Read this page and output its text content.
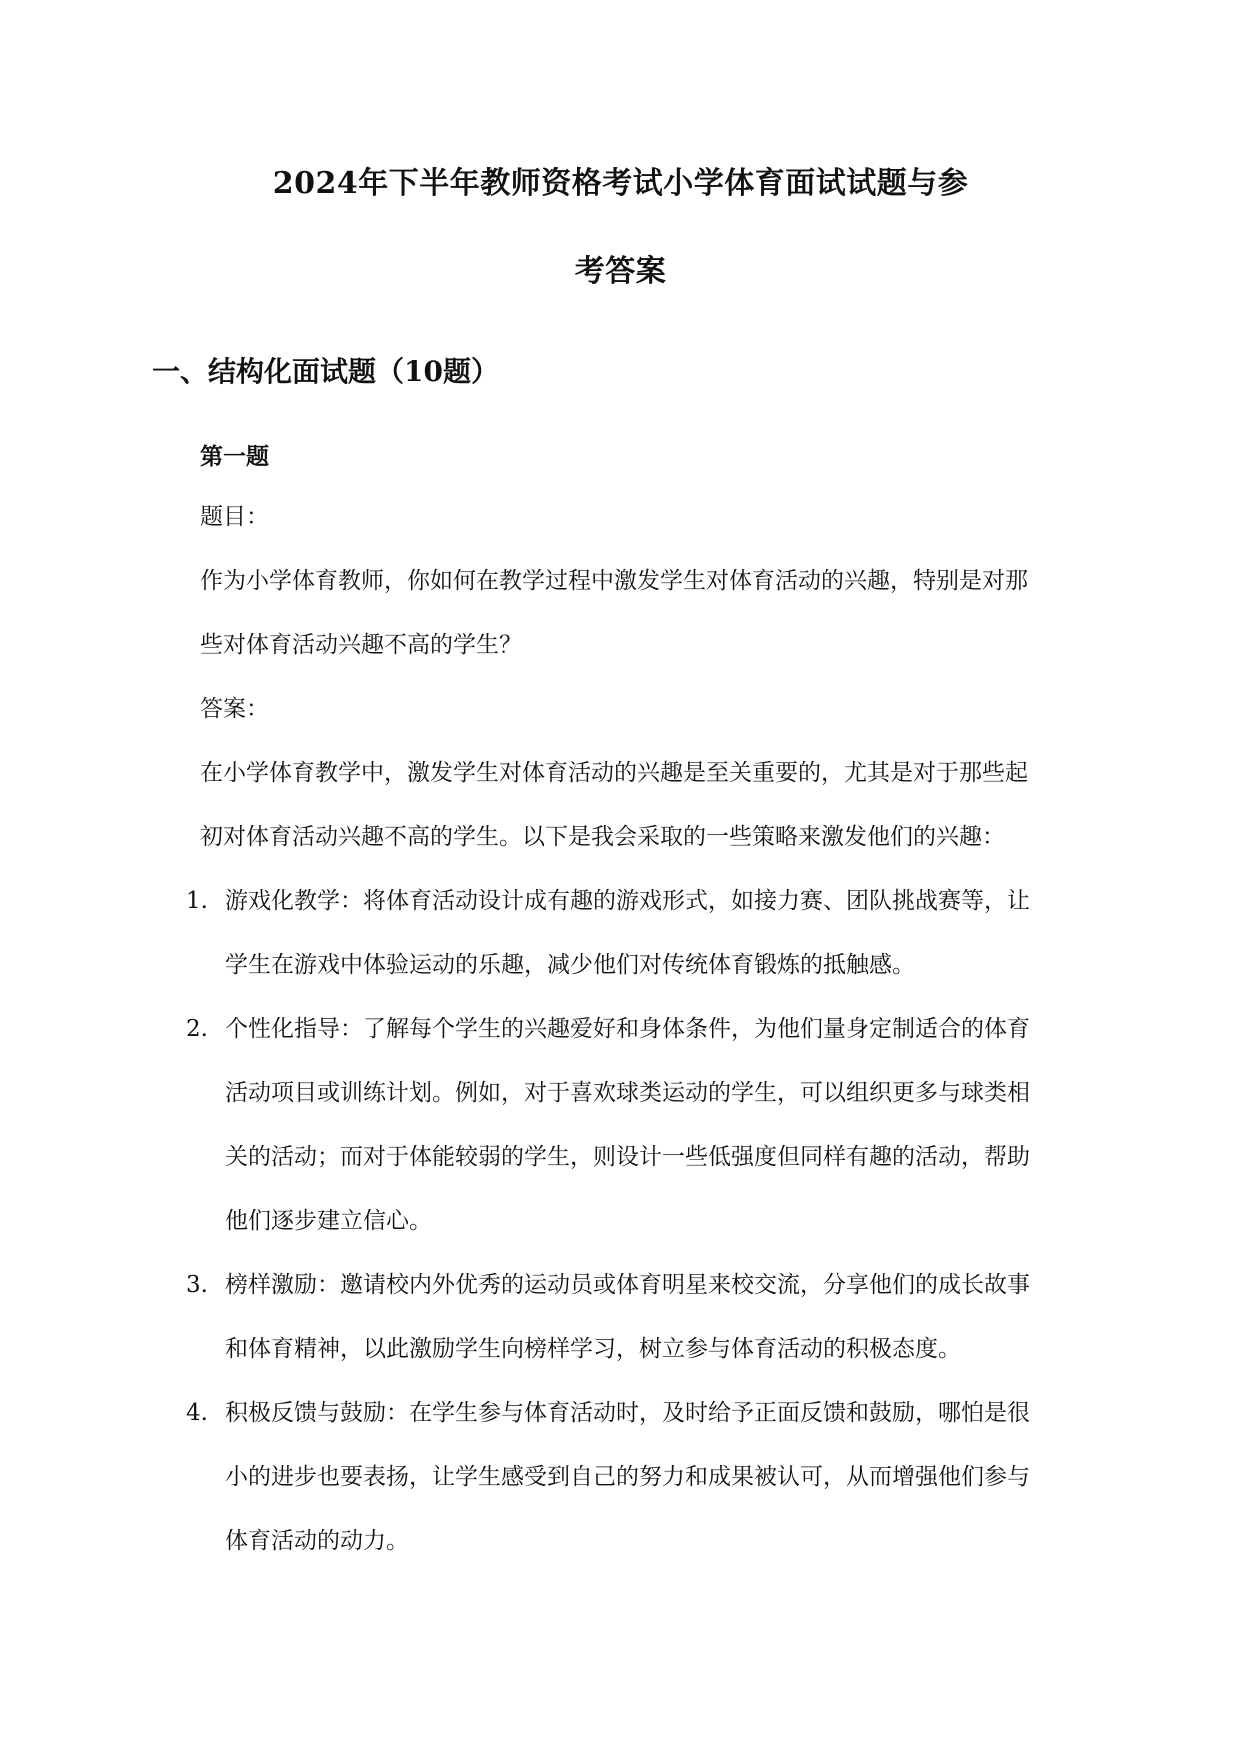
2024年下半年教师资格考试小学体育面试试题与参
考答案
一、结构化面试题（10题）
第一题
题目：
作为小学体育教师，你如何在教学过程中激发学生对体育活动的兴趣，特别是对那
些对体育活动兴趣不高的学生？
答案：
在小学体育教学中，激发学生对体育活动的兴趣是至关重要的，尤其是对于那些起
初对体育活动兴趣不高的学生。以下是我会采取的一些策略来激发他们的兴趣：
1. 游戏化教学：将体育活动设计成有趣的游戏形式，如接力赛、团队挑战赛等，让
学生在游戏中体验运动的乐趣，减少他们对传统体育锻炼的抵触感。
2. 个性化指导：了解每个学生的兴趣爱好和身体条件，为他们量身定制适合的体育
活动项目或训练计划。例如，对于喜欢球类运动的学生，可以组织更多与球类相
关的活动；而对于体能较弱的学生，则设计一些低强度但同样有趣的活动，帮助
他们逐步建立信心。
3. 榜样激励：邀请校内外优秀的运动员或体育明星来校交流，分享他们的成长故事
和体育精神，以此激励学生向榜样学习，树立参与体育活动的积极态度。
4. 积极反馈与鼓励：在学生参与体育活动时，及时给予正面反馈和鼓励，哪怕是很
小的进步也要表扬，让学生感受到自己的努力和成果被认可，从而增强他们参与
体育活动的动力。
